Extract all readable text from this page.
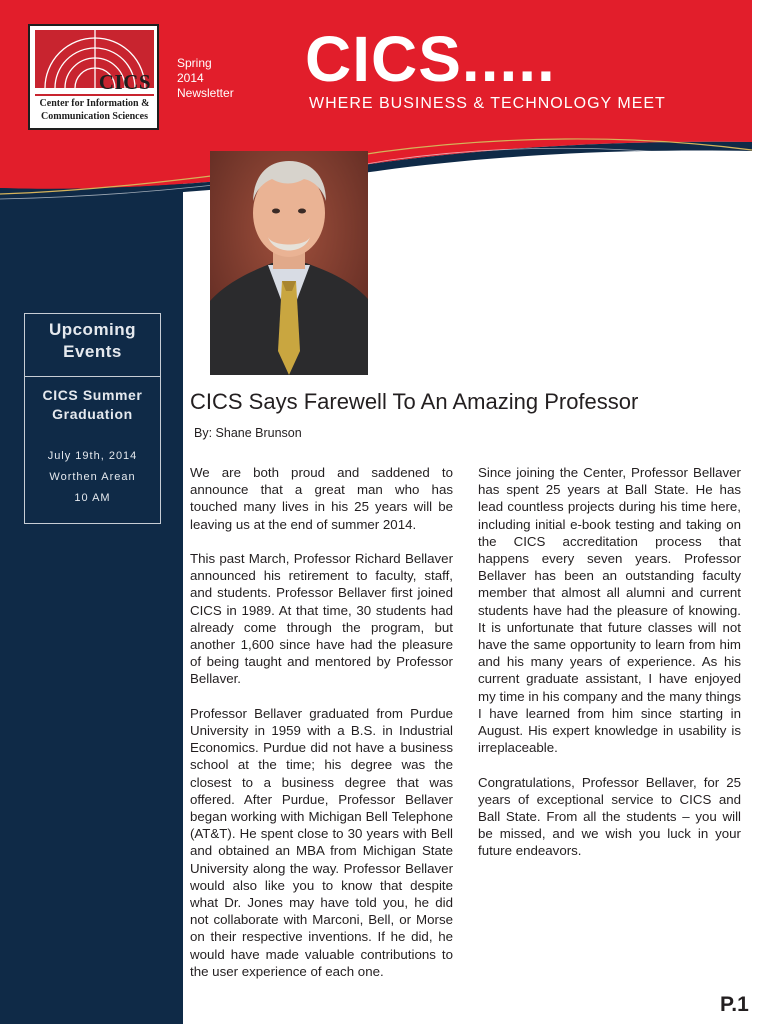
CICS
Center for Information &
Communication Sciences
Spring
2014
Newsletter CICS.....
WHERE BUSINESS & TECHNOLOGY MEET
In This Issue…
Farewell To An Amazing Professor P.1
Girls Outreach: Basic Circuit Switch P.2
ITERA Conference P.2
CICS Takes On The Slopes P.3
WWiT Conference P.4
Munice Children's Museum P.4
Purdue Security Conference P.5
Upcoming
Events
CICS Summer
Graduation
July 19th, 2014
Worthen Arean
10 AM
CICS Says Farewell To An Amazing Professor
By: Shane Brunson

We are both proud and saddened to announce that a great man who has touched many lives in his 25 years will be leaving us at the end of summer 2014.

This past March, Professor Richard Bellaver announced his retirement to faculty, staff, and students. Professor Bellaver first joined CICS in 1989. At that time, 30 students had already come through the program, but another 1,600 since have had the pleasure of being taught and mentored by Professor Bellaver.

Professor Bellaver graduated from Purdue University in 1959 with a B.S. in Industrial Economics. Purdue did not have a business school at the time; his degree was the closest to a business degree that was offered. After Purdue, Professor Bellaver began working with Michigan Bell Telephone (AT&T). He spent close to 30 years with Bell and obtained an MBA from Michigan State University along the way. Professor Bellaver would also like you to know that despite what Dr. Jones may have told you, he did not collaborate with Marconi, Bell, or Morse on their respective inventions. If he did, he would have made valuable contributions to the user experience of each one.

Since joining the Center, Professor Bellaver has spent 25 years at Ball State. He has lead countless projects during his time here, including initial e-book testing and taking on the CICS accreditation process that happens every seven years. Professor Bellaver has been an outstanding faculty member that almost all alumni and current students have had the pleasure of knowing. It is unfortunate that future classes will not have the same opportunity to learn from him and his many years of experience. As his current graduate assistant, I have enjoyed my time in his company and the many things I have learned from him since starting in August. His expert knowledge in usability is irreplaceable.

Congratulations, Professor Bellaver, for 25 years of exceptional service to CICS and Ball State. From all the students – you will be missed, and we wish you luck in your future endeavors.

P.1
